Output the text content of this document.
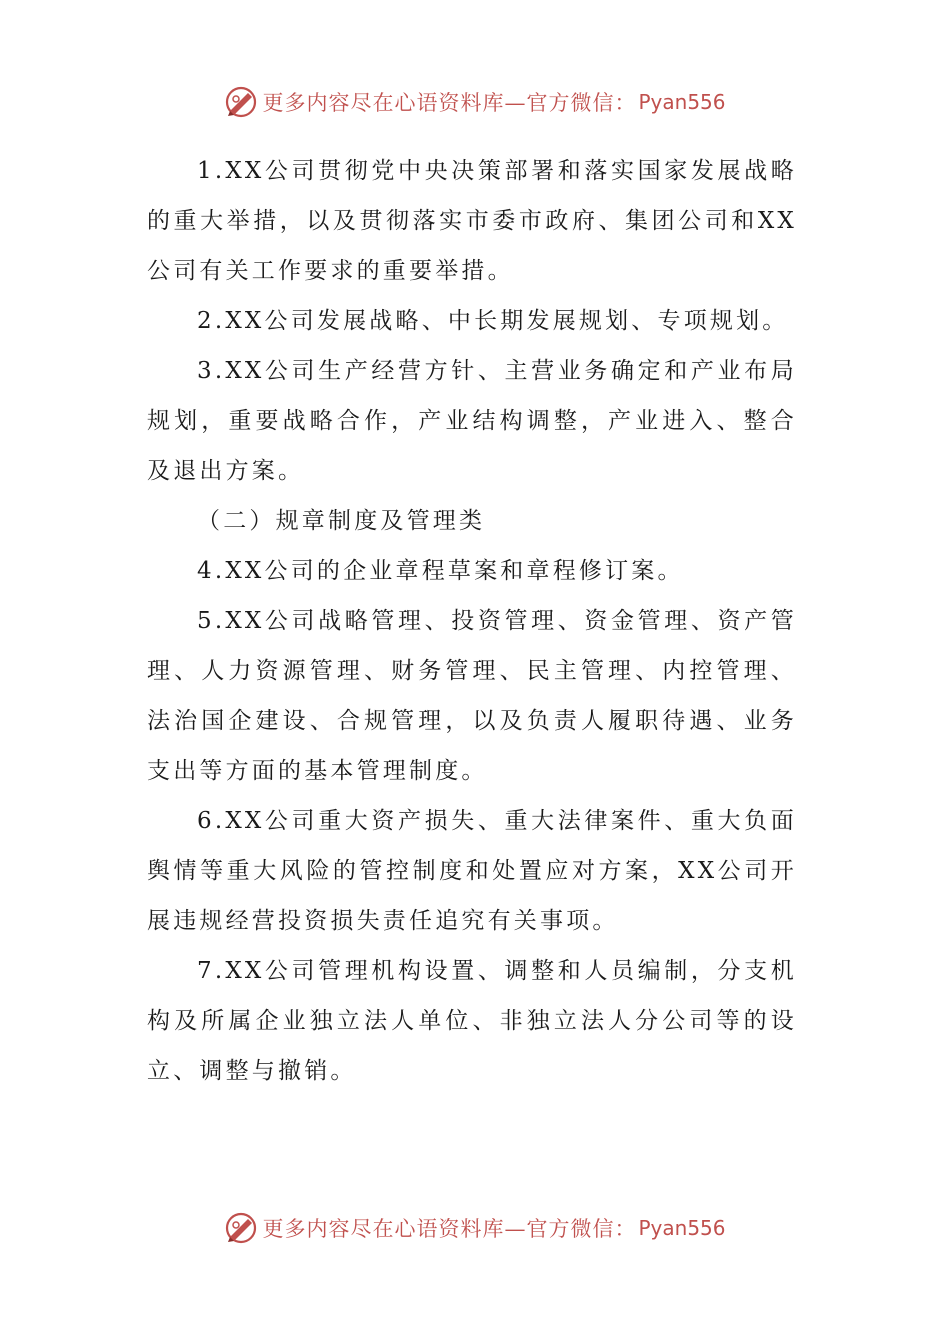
更多内容尽在心语资料库—官方微信： Pyan556

1.XX公司贯彻党中央决策部署和落实国家发展战略的重大举措，以及贯彻落实市委市政府、集团公司和XX公司有关工作要求的重要举措。

2.XX公司发展战略、中长期发展规划、专项规划。

3.XX公司生产经营方针、主营业务确定和产业布局规划，重要战略合作，产业结构调整，产业进入、整合及退出方案。

（二）规章制度及管理类

4.XX公司的企业章程草案和章程修订案。

5.XX公司战略管理、投资管理、资金管理、资产管理、人力资源管理、财务管理、民主管理、内控管理、法治国企建设、合规管理，以及负责人履职待遇、业务支出等方面的基本管理制度。

6.XX公司重大资产损失、重大法律案件、重大负面舆情等重大风险的管控制度和处置应对方案，XX公司开展违规经营投资损失责任追究有关事项。

7.XX公司管理机构设置、调整和人员编制，分支机构及所属企业独立法人单位、非独立法人分公司等的设立、调整与撤销。

更多内容尽在心语资料库—官方微信： Pyan556
